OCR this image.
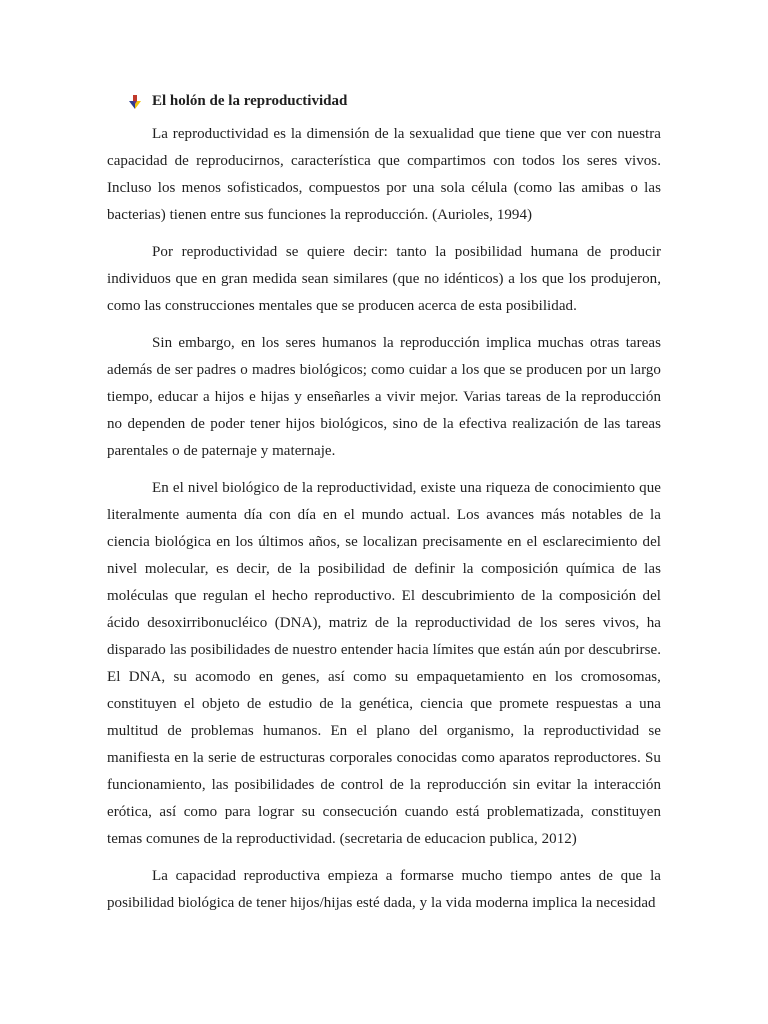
El holón de la reproductividad

La reproductividad es la dimensión de la sexualidad que tiene que ver con nuestra capacidad de reproducirnos, característica que compartimos con todos los seres vivos. Incluso los menos sofisticados, compuestos por una sola célula (como las amibas o las bacterias) tienen entre sus funciones la reproducción. (Aurioles, 1994)

Por reproductividad se quiere decir: tanto la posibilidad humana de producir individuos que en gran medida sean similares (que no idénticos) a los que los produjeron, como las construcciones mentales que se producen acerca de esta posibilidad.

Sin embargo, en los seres humanos la reproducción implica muchas otras tareas además de ser padres o madres biológicos; como cuidar a los que se producen por un largo tiempo, educar a hijos e hijas y enseñarles a vivir mejor. Varias tareas de la reproducción no dependen de poder tener hijos biológicos, sino de la efectiva realización de las tareas parentales o de paternaje y maternaje.

En el nivel biológico de la reproductividad, existe una riqueza de conocimiento que literalmente aumenta día con día en el mundo actual. Los avances más notables de la ciencia biológica en los últimos años, se localizan precisamente en el esclarecimiento del nivel molecular, es decir, de la posibilidad de definir la composición química de las moléculas que regulan el hecho reproductivo. El descubrimiento de la composición del ácido desoxirribonucléico (DNA), matriz de la reproductividad de los seres vivos, ha disparado las posibilidades de nuestro entender hacia límites que están aún por descubrirse. El DNA, su acomodo en genes, así como su empaquetamiento en los cromosomas, constituyen el objeto de estudio de la genética, ciencia que promete respuestas a una multitud de problemas humanos. En el plano del organismo, la reproductividad se manifiesta en la serie de estructuras corporales conocidas como aparatos reproductores. Su funcionamiento, las posibilidades de control de la reproducción sin evitar la interacción erótica, así como para lograr su consecución cuando está problematizada, constituyen temas comunes de la reproductividad. (secretaria de educacion publica, 2012)

La capacidad reproductiva empieza a formarse mucho tiempo antes de que la posibilidad biológica de tener hijos/hijas esté dada, y la vida moderna implica la necesidad
